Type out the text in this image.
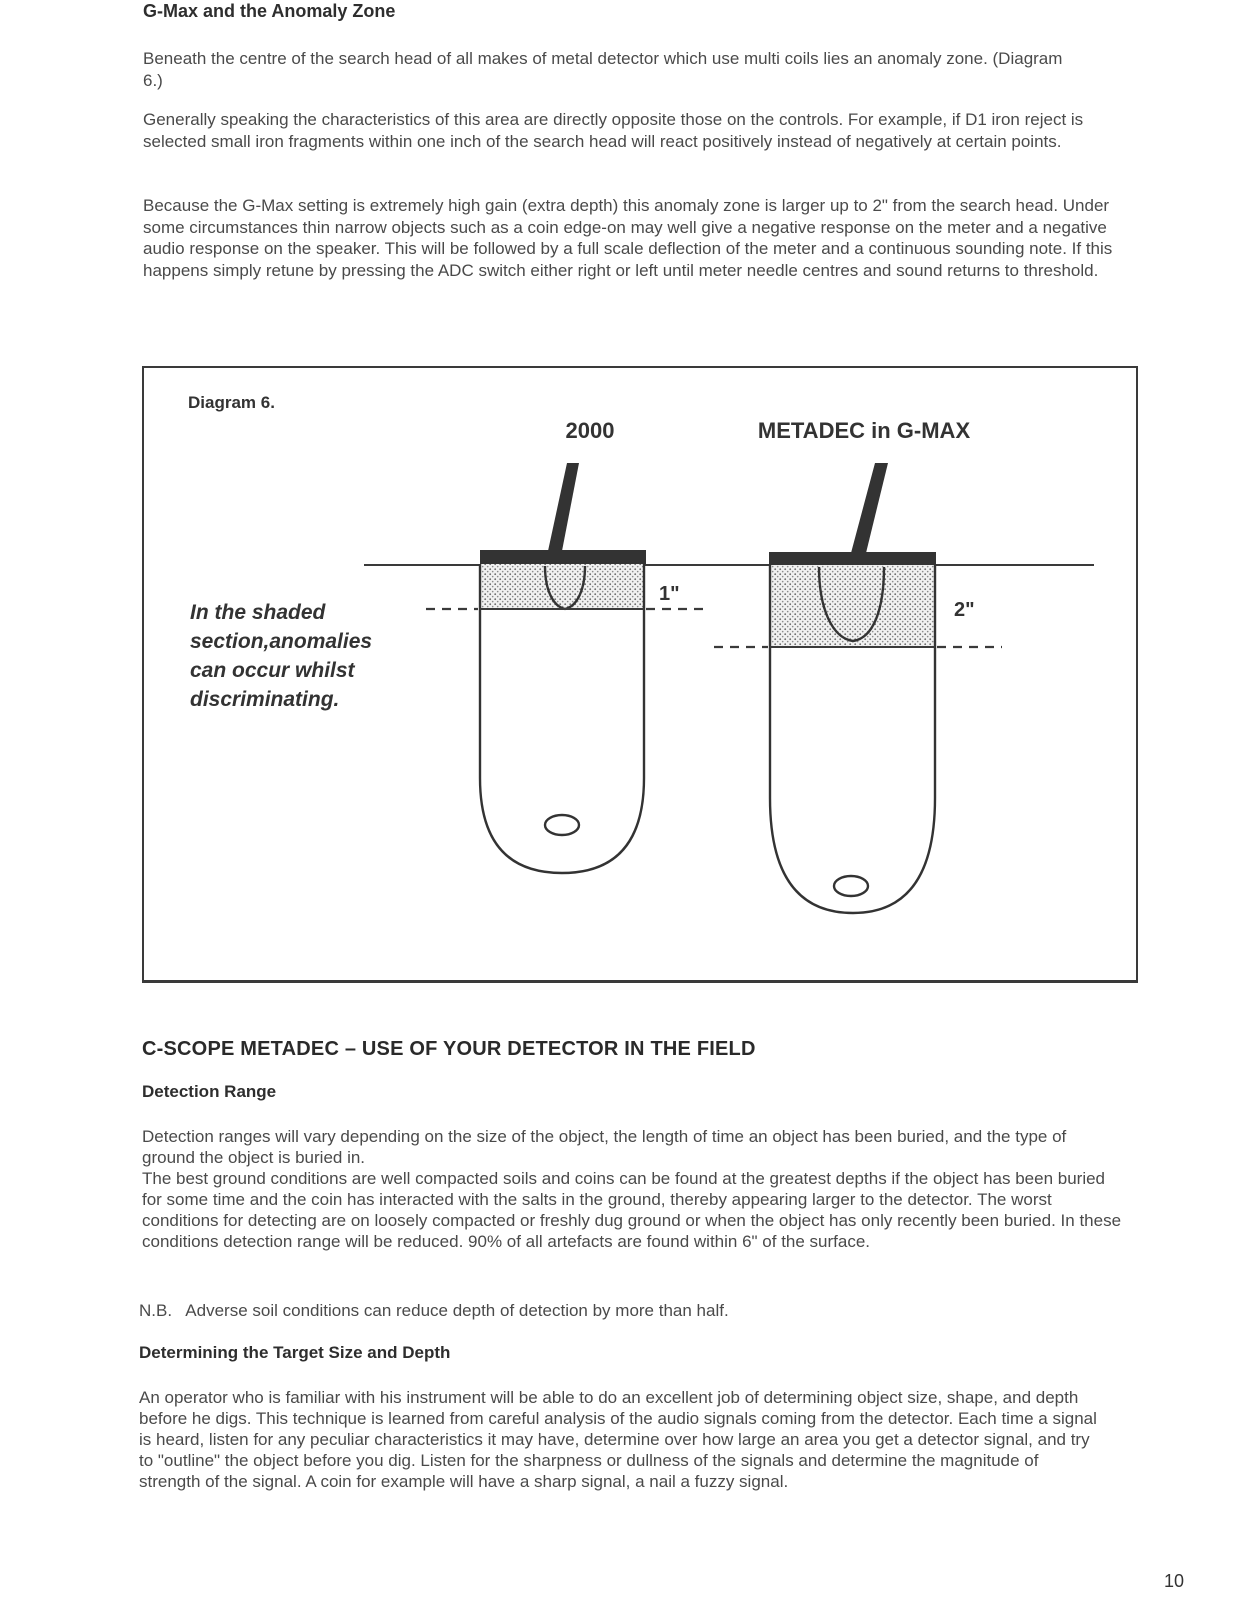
G-Max and the Anomaly Zone

Beneath the centre of the search head of all makes of metal detector which use multi coils lies an anomaly zone. (Diagram 6.)

Generally speaking the characteristics of this area are directly opposite those on the controls. For example, if D1 iron reject is selected small iron fragments within one inch of the search head will react positively instead of negatively at certain points.

Because the G-Max setting is extremely high gain (extra depth) this anomaly zone is larger up to 2" from the search head. Under some circumstances thin narrow objects such as a coin edge-on may well give a negative response on the meter and a negative audio response on the speaker. This will be followed by a full scale deflection of the meter and a continuous sounding note. If this happens simply retune by pressing the ADC switch either right or left until meter needle centres and sound returns to threshold.

Diagram 6.
2000	METADEC in G-MAX
1"
2"
In the shaded
section,anomalies
can occur whilst
discriminating.
C-SCOPE METADEC – USE OF YOUR DETECTOR IN THE FIELD
Detection Range

Detection ranges will vary depending on the size of the object, the length of time an object has been buried, and the type of ground the object is buried in.

The best ground conditions are well compacted soils and coins can be found at the greatest depths if the object has been buried for some time and the coin has interacted with the salts in the ground, thereby appearing larger to the detector. The worst conditions for detecting are on loosely compacted or freshly dug ground or when the object has only recently been buried. In these conditions detection range will be reduced. 90% of all artefacts are found within 6" of the surface.

N.B.   Adverse soil conditions can reduce depth of detection by more than half.

Determining the Target Size and Depth

An operator who is familiar with his instrument will be able to do an excellent job of determining object size, shape, and depth before he digs. This technique is learned from careful analysis of the audio signals coming from the detector. Each time a signal is heard, listen for any peculiar characteristics it may have, determine over how large an area you get a detector signal, and try to "outline" the object before you dig. Listen for the sharpness or dullness of the signals and determine the magnitude of strength of the signal. A coin for example will have a sharp signal, a nail a fuzzy signal.

10
